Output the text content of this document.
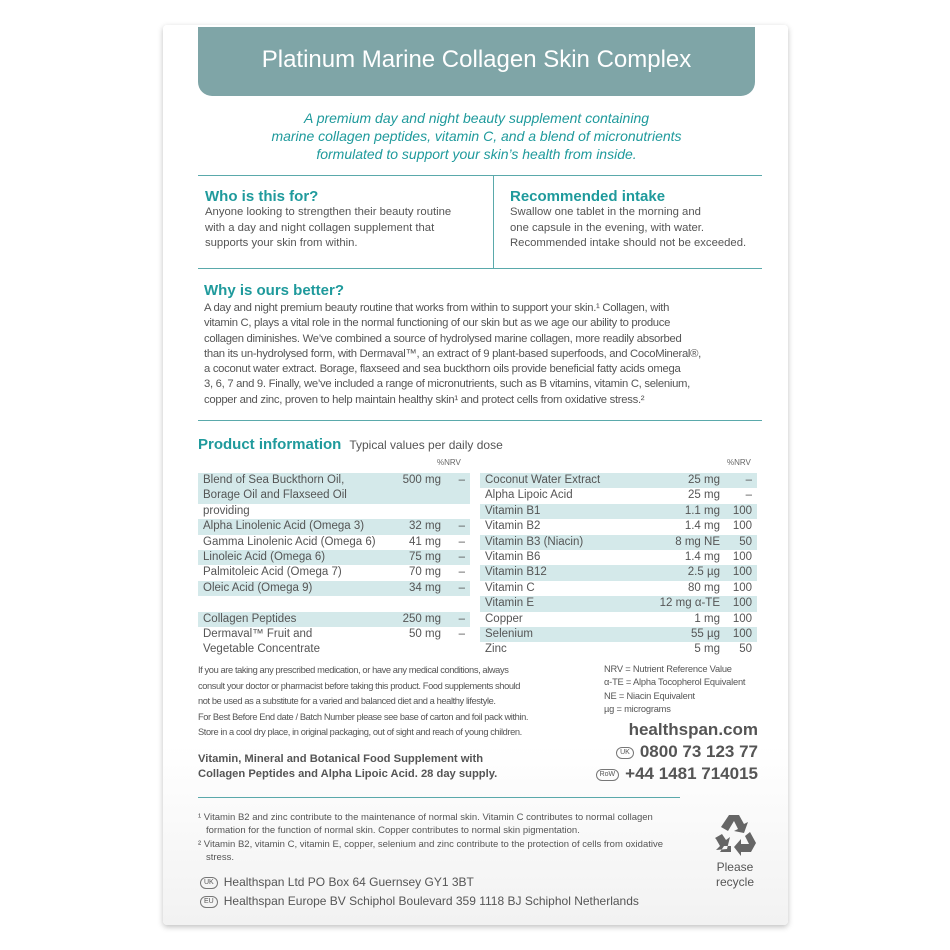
Platinum Marine Collagen Skin Complex
A premium day and night beauty supplement containing
marine collagen peptides, vitamin C, and a blend of micronutrients
formulated to support your skin’s health from inside.
Who is this for?
Anyone looking to strengthen their beauty routine
with a day and night collagen supplement that
supports your skin from within.
Recommended intake
Swallow one tablet in the morning and
one capsule in the evening, with water.
Recommended intake should not be exceeded.
Why is ours better?
A day and night premium beauty routine that works from within to support your skin.¹ Collagen, with
vitamin C, plays a vital role in the normal functioning of our skin but as we age our ability to produce
collagen diminishes. We’ve combined a source of hydrolysed marine collagen, more readily absorbed
than its un-hydrolysed form, with Dermaval™, an extract of 9 plant-based superfoods, and CocoMineral®,
a coconut water extract. Borage, flaxseed and sea buckthorn oils provide beneficial fatty acids omega
3, 6, 7 and 9. Finally, we’ve included a range of micronutrients, such as B vitamins, vitamin C, selenium,
copper and zinc, proven to help maintain healthy skin¹ and protect cells from oxidative stress.²
Product information Typical values per daily dose
%NRV	%NRV
Blend of Sea Buckthorn Oil,	500 mg	–
Borage Oil and Flaxseed Oil		
providing		
Alpha Linolenic Acid (Omega 3)	32 mg	–
Gamma Linolenic Acid (Omega 6)	41 mg	–
Linoleic Acid (Omega 6)	75 mg	–
Palmitoleic Acid (Omega 7)	70 mg	–
Oleic Acid (Omega 9)	34 mg	–

Collagen Peptides	250 mg	–
Dermaval™ Fruit and	50 mg	–
Vegetable Concentrate		
Coconut Water Extract	25 mg	–
Alpha Lipoic Acid	25 mg	–
Vitamin B1	1.1 mg	100
Vitamin B2	1.4 mg	100
Vitamin B3 (Niacin)	8 mg NE	50
Vitamin B6	1.4 mg	100
Vitamin B12	2.5 µg	100
Vitamin C	80 mg	100
Vitamin E	12 mg α-TE	100
Copper	1 mg	100
Selenium	55 µg	100
Zinc	5 mg	50
If you are taking any prescribed medication, or have any medical conditions, always
consult your doctor or pharmacist before taking this product. Food supplements should
not be used as a substitute for a varied and balanced diet and a healthy lifestyle.
For Best Before End date / Batch Number please see base of carton and foil pack within.
Store in a cool dry place, in original packaging, out of sight and reach of young children.
NRV = Nutrient Reference Value
α-TE = Alpha Tocopherol Equivalent
NE = Niacin Equivalent
µg = micrograms
healthspan.com
UK 0800 73 123 77
RoW +44 1481 714015
Vitamin, Mineral and Botanical Food Supplement with
Collagen Peptides and Alpha Lipoic Acid. 28 day supply.
¹ Vitamin B2 and zinc contribute to the maintenance of normal skin. Vitamin C contributes to normal collagen formation for the function of normal skin. Copper contributes to normal skin pigmentation.
² Vitamin B2, vitamin C, vitamin E, copper, selenium and zinc contribute to the protection of cells from oxidative stress.
UK Healthspan Ltd PO Box 64 Guernsey GY1 3BT
EU Healthspan Europe BV Schiphol Boulevard 359 1118 BJ Schiphol Netherlands
Please recycle
